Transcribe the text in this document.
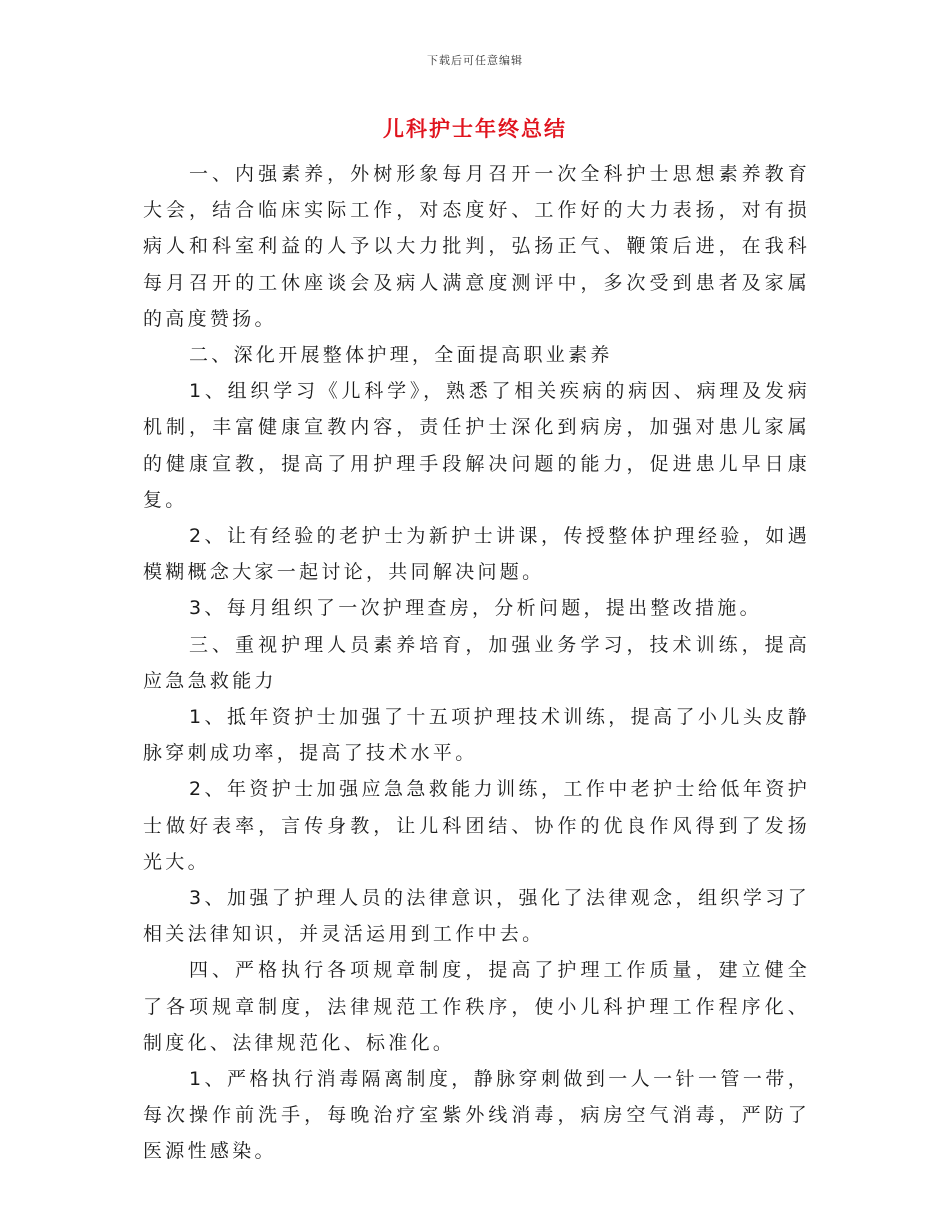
下载后可任意编辑
儿科护士年终总结

一、内强素养，外树形象每月召开一次全科护士思想素养教育大会，结合临床实际工作，对态度好、工作好的大力表扬，对有损病人和科室利益的人予以大力批判，弘扬正气、鞭策后进，在我科每月召开的工休座谈会及病人满意度测评中，多次受到患者及家属的高度赞扬。

二、深化开展整体护理，全面提高职业素养

1、组织学习《儿科学》，熟悉了相关疾病的病因、病理及发病机制，丰富健康宣教内容，责任护士深化到病房，加强对患儿家属的健康宣教，提高了用护理手段解决问题的能力，促进患儿早日康复。

2、让有经验的老护士为新护士讲课，传授整体护理经验，如遇模糊概念大家一起讨论，共同解决问题。

3、每月组织了一次护理查房，分析问题，提出整改措施。

三、重视护理人员素养培育，加强业务学习，技术训练，提高应急急救能力

1、抵年资护士加强了十五项护理技术训练，提高了小儿头皮静脉穿刺成功率，提高了技术水平。

2、年资护士加强应急急救能力训练，工作中老护士给低年资护士做好表率，言传身教，让儿科团结、协作的优良作风得到了发扬光大。

3、加强了护理人员的法律意识，强化了法律观念，组织学习了相关法律知识，并灵活运用到工作中去。

四、严格执行各项规章制度，提高了护理工作质量，建立健全了各项规章制度，法律规范工作秩序，使小儿科护理工作程序化、制度化、法律规范化、标准化。

1、严格执行消毒隔离制度，静脉穿刺做到一人一针一管一带，每次操作前洗手，每晚治疗室紫外线消毒，病房空气消毒，严防了医源性感染。
